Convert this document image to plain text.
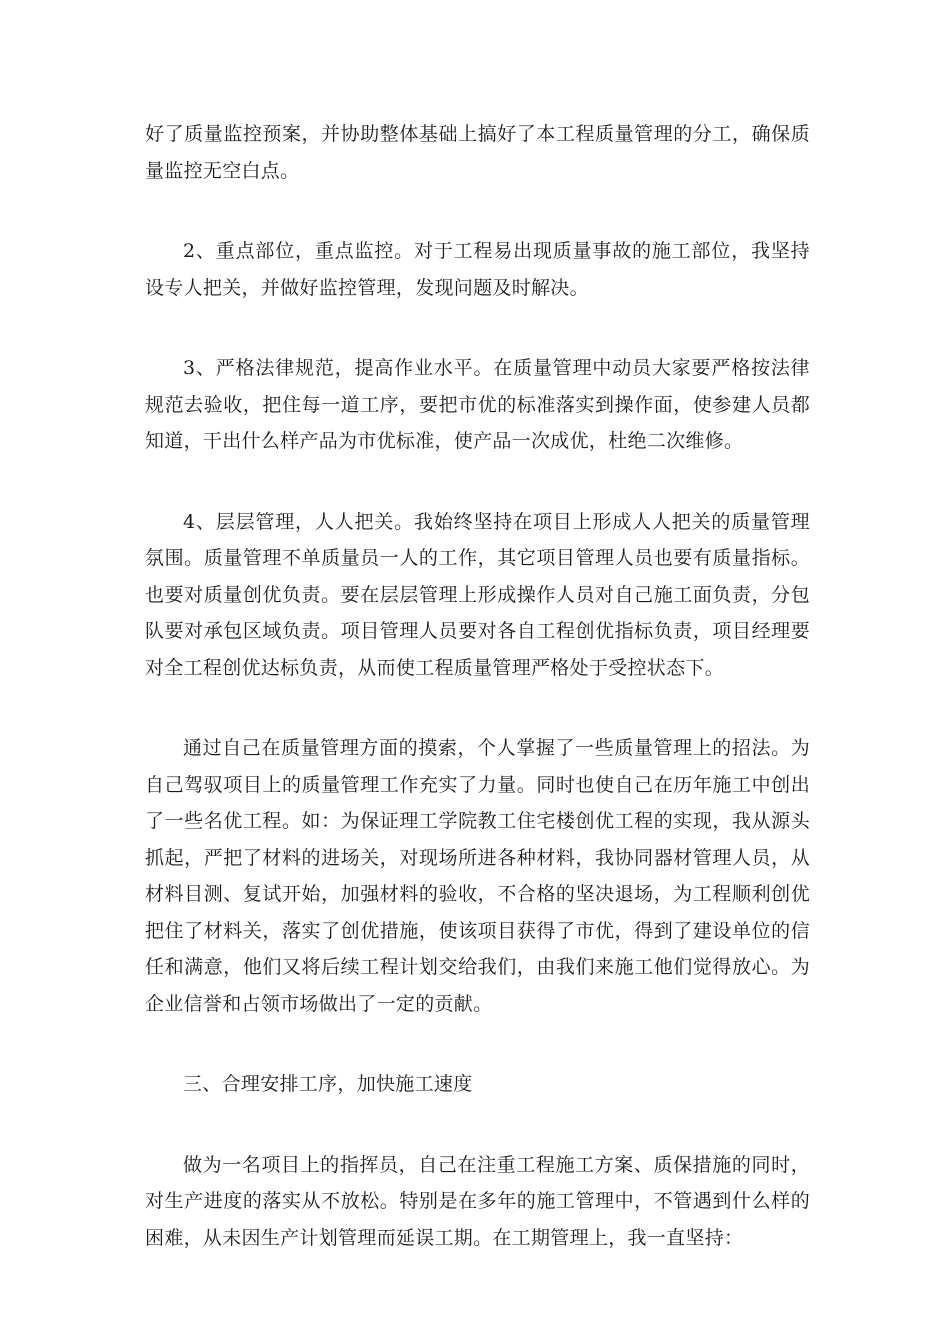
好了质量监控预案，并协助整体基础上搞好了本工程质量管理的分工，确保质量监控无空白点。

2、重点部位，重点监控。对于工程易出现质量事故的施工部位，我坚持设专人把关，并做好监控管理，发现问题及时解决。

3、严格法律规范，提高作业水平。在质量管理中动员大家要严格按法律规范去验收，把住每一道工序，要把市优的标准落实到操作面，使参建人员都知道，干出什么样产品为市优标准，使产品一次成优，杜绝二次维修。

4、层层管理，人人把关。我始终坚持在项目上形成人人把关的质量管理氛围。质量管理不单质量员一人的工作，其它项目管理人员也要有质量指标。也要对质量创优负责。要在层层管理上形成操作人员对自己施工面负责，分包队要对承包区域负责。项目管理人员要对各自工程创优指标负责，项目经理要对全工程创优达标负责，从而使工程质量管理严格处于受控状态下。

通过自己在质量管理方面的摸索，个人掌握了一些质量管理上的招法。为自己驾驭项目上的质量管理工作充实了力量。同时也使自己在历年施工中创出了一些名优工程。如：为保证理工学院教工住宅楼创优工程的实现，我从源头抓起，严把了材料的进场关，对现场所进各种材料，我协同器材管理人员，从材料目测、复试开始，加强材料的验收，不合格的坚决退场，为工程顺利创优把住了材料关，落实了创优措施，使该项目获得了市优，得到了建设单位的信任和满意，他们又将后续工程计划交给我们，由我们来施工他们觉得放心。为企业信誉和占领市场做出了一定的贡献。

三、合理安排工序，加快施工速度

做为一名项目上的指挥员，自己在注重工程施工方案、质保措施的同时，对生产进度的落实从不放松。特别是在多年的施工管理中，不管遇到什么样的困难，从未因生产计划管理而延误工期。在工期管理上，我一直坚持：
